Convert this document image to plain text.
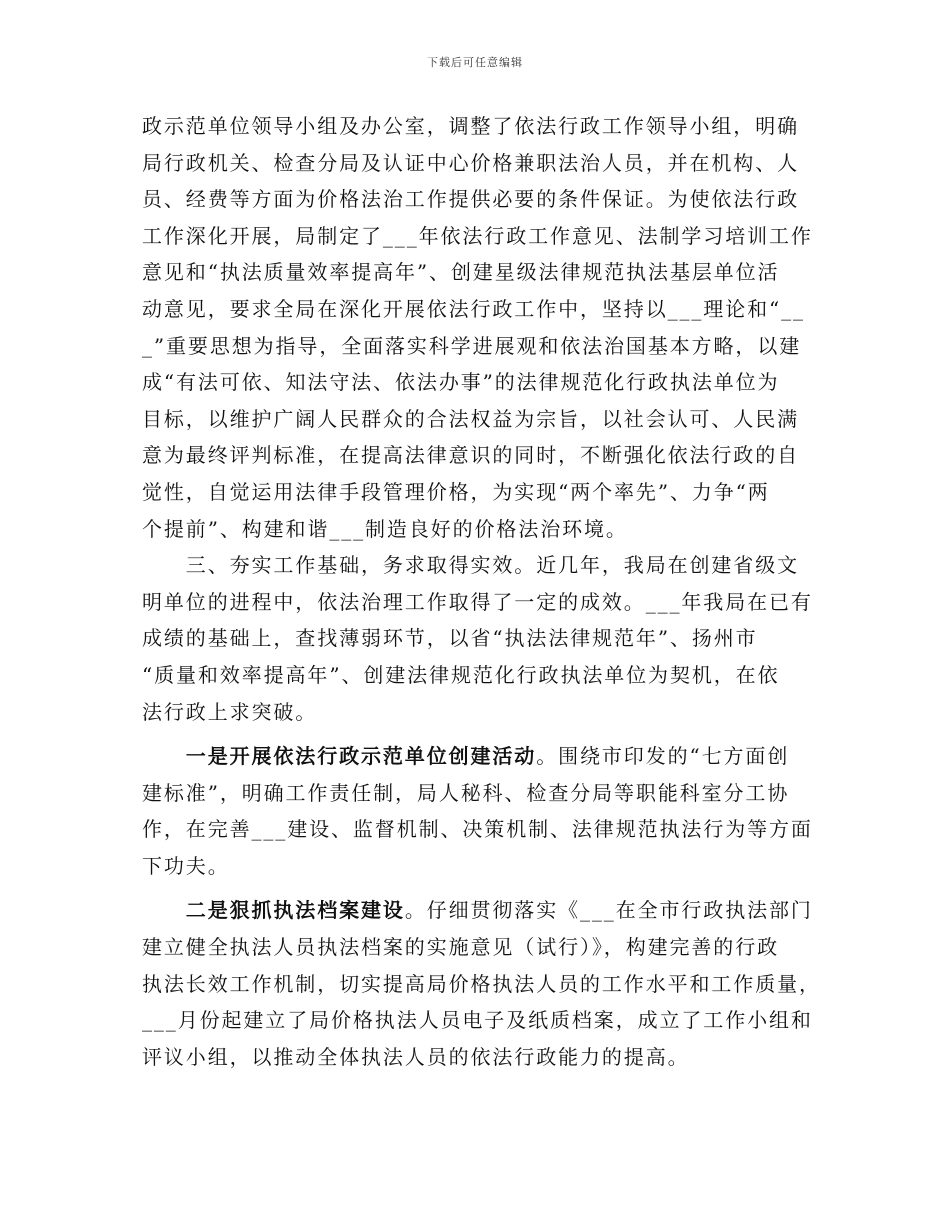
下载后可任意编辑
政示范单位领导小组及办公室，调整了依法行政工作领导小组，明确
局行政机关、检查分局及认证中心价格兼职法治人员，并在机构、人
员、经费等方面为价格法治工作提供必要的条件保证。为使依法行政
工作深化开展，局制定了___年依法行政工作意见、法制学习培训工作
意见和“执法质量效率提高年”、创建星级法律规范执法基层单位活
动意见，要求全局在深化开展依法行政工作中，坚持以___理论和“__
_”重要思想为指导，全面落实科学进展观和依法治国基本方略，以建
成“有法可依、知法守法、依法办事”的法律规范化行政执法单位为
目标，以维护广阔人民群众的合法权益为宗旨，以社会认可、人民满
意为最终评判标准，在提高法律意识的同时，不断强化依法行政的自
觉性，自觉运用法律手段管理价格，为实现“两个率先”、力争“两
个提前”、构建和谐___制造良好的价格法治环境。
　　三、夯实工作基础，务求取得实效。近几年，我局在创建省级文
明单位的进程中，依法治理工作取得了一定的成效。___年我局在已有
成绩的基础上，查找薄弱环节，以省“执法法律规范年”、扬州市
“质量和效率提高年”、创建法律规范化行政执法单位为契机，在依
法行政上求突破。
　　一是开展依法行政示范单位创建活动。围绕市印发的“七方面创
建标准”，明确工作责任制，局人秘科、检查分局等职能科室分工协
作，在完善___建设、监督机制、决策机制、法律规范执法行为等方面
下功夫。
　　二是狠抓执法档案建设。仔细贯彻落实《___在全市行政执法部门
建立健全执法人员执法档案的实施意见（试行）》，构建完善的行政
执法长效工作机制，切实提高局价格执法人员的工作水平和工作质量，
___月份起建立了局价格执法人员电子及纸质档案，成立了工作小组和
评议小组，以推动全体执法人员的依法行政能力的提高。
